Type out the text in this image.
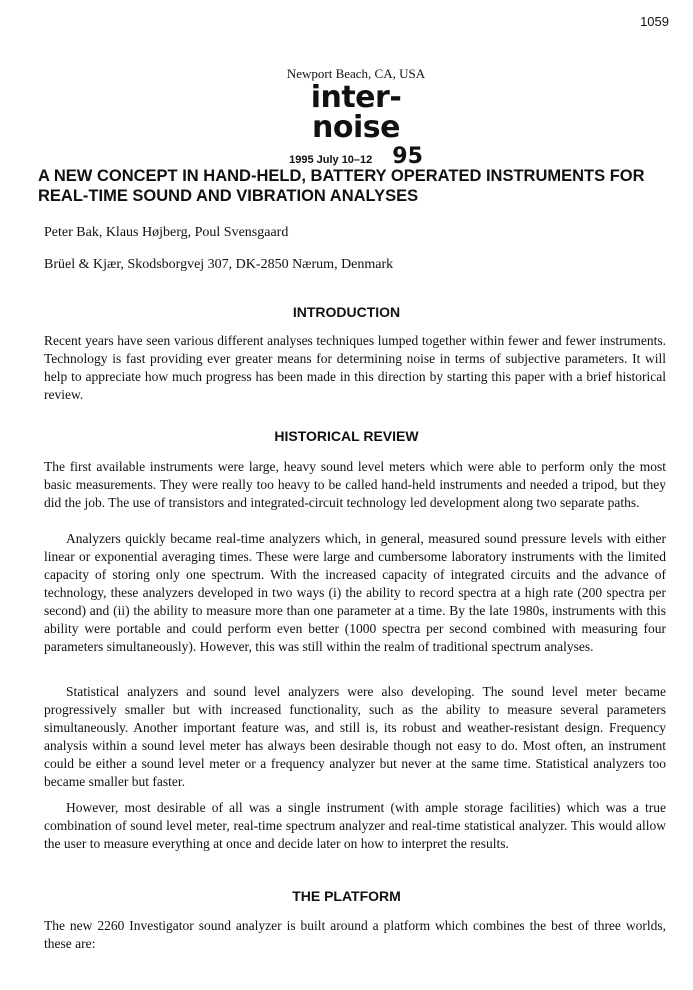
1059
Newport Beach, CA, USA
inter-noise
1995 July 10–12 95
A NEW CONCEPT IN HAND-HELD, BATTERY OPERATED INSTRUMENTS FOR REAL-TIME SOUND AND VIBRATION ANALYSES

Peter Bak, Klaus Højberg, Poul Svensgaard

Brüel & Kjær, Skodsborgvej 307, DK-2850 Nærum, Denmark

INTRODUCTION

Recent years have seen various different analyses techniques lumped together within fewer and fewer instruments. Technology is fast providing ever greater means for determining noise in terms of subjective parameters. It will help to appreciate how much progress has been made in this direction by starting this paper with a brief historical review.

HISTORICAL REVIEW

The first available instruments were large, heavy sound level meters which were able to perform only the most basic measurements. They were really too heavy to be called hand-held instruments and needed a tripod, but they did the job. The use of transistors and integrated-circuit technology led development along two separate paths.

Analyzers quickly became real-time analyzers which, in general, measured sound pressure levels with either linear or exponential averaging times. These were large and cumbersome laboratory instruments with the limited capacity of storing only one spectrum. With the increased capacity of integrated circuits and the advance of technology, these analyzers developed in two ways (i) the ability to record spectra at a high rate (200 spectra per second) and (ii) the ability to measure more than one parameter at a time. By the late 1980s, instruments with this ability were portable and could perform even better (1000 spectra per second combined with measuring four parameters simultaneously). However, this was still within the realm of traditional spectrum analyses.

Statistical analyzers and sound level analyzers were also developing. The sound level meter became progressively smaller but with increased functionality, such as the ability to measure several parameters simultaneously. Another important feature was, and still is, its robust and weather-resistant design. Frequency analysis within a sound level meter has always been desirable though not easy to do. Most often, an instrument could be either a sound level meter or a frequency analyzer but never at the same time. Statistical analyzers too became smaller but faster.

However, most desirable of all was a single instrument (with ample storage facilities) which was a true combination of sound level meter, real-time spectrum analyzer and real-time statistical analyzer. This would allow the user to measure everything at once and decide later on how to interpret the results.

THE PLATFORM

The new 2260 Investigator sound analyzer is built around a platform which combines the best of three worlds, these are:
